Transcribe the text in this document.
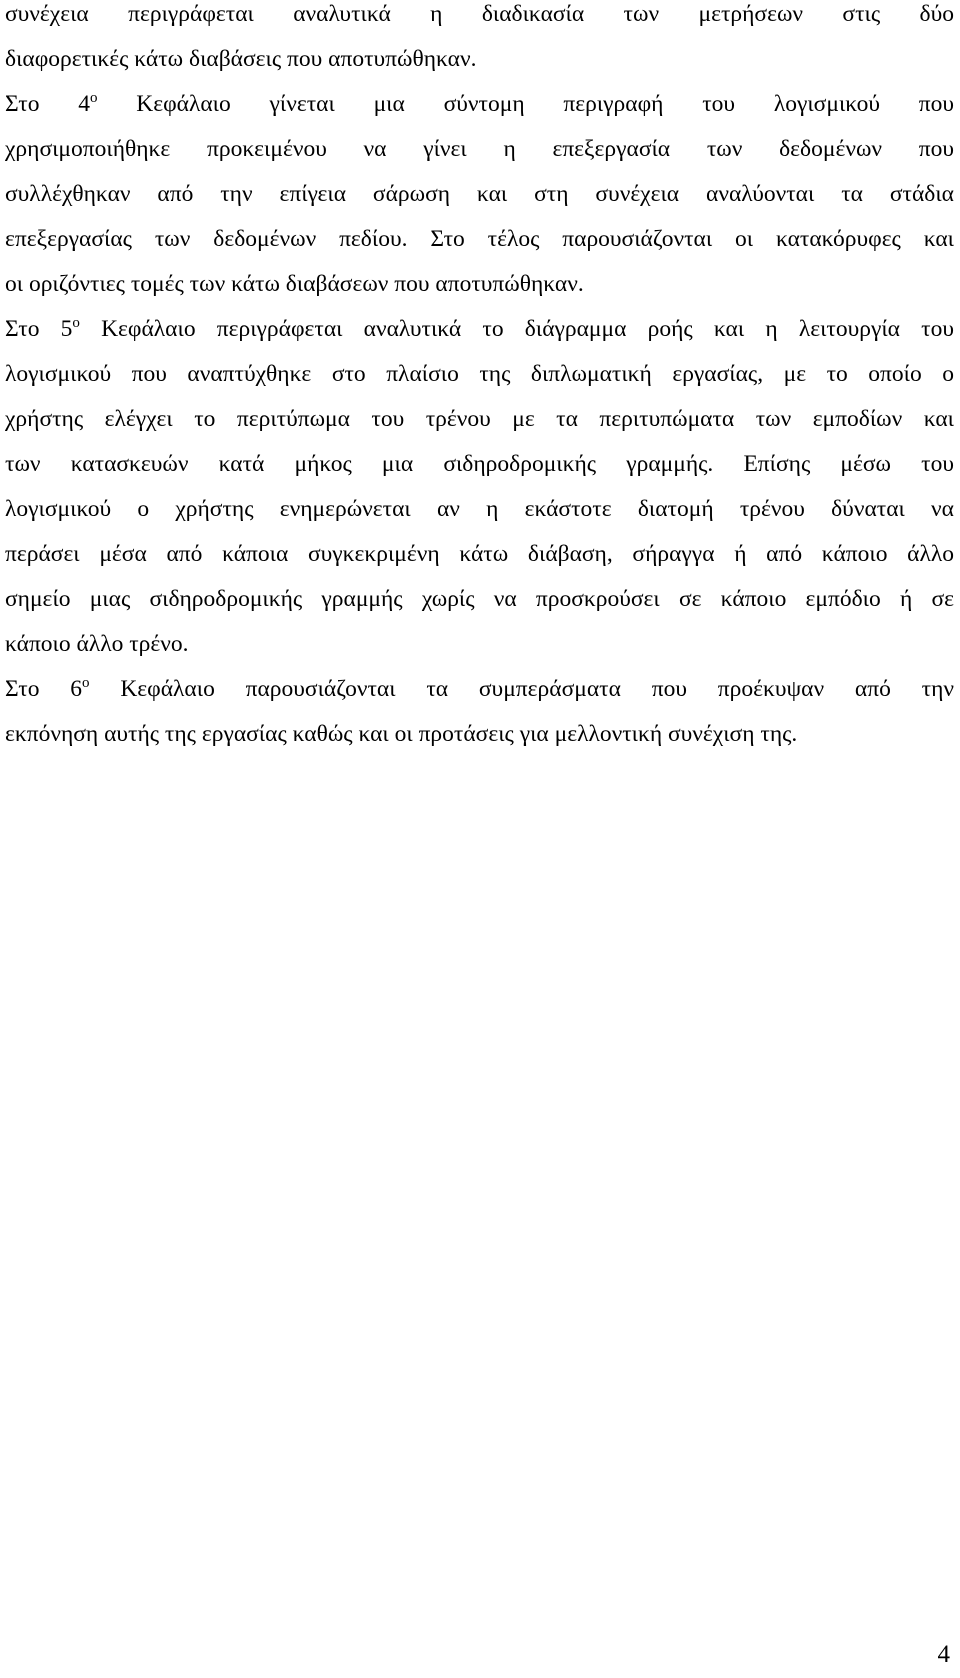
συνέχεια περιγράφεται αναλυτικά η διαδικασία των μετρήσεων στις δύο
διαφορετικές κάτω διαβάσεις που αποτυπώθηκαν.
Στο $4^o$ Κεφάλαιο γίνεται μια σύντομη περιγραφή του λογισμικού που
χρησιμοποιήθηκε προκειμένου να γίνει η επεξεργασία των δεδομένων που
συλλέχθηκαν από την επίγεια σάρωση και στη συνέχεια αναλύονται τα στάδια
επεξεργασίας των δεδομένων πεδίου. Στο τέλος παρουσιάζονται οι κατακόρυφες και
οι οριζόντιες τομές των κάτω διαβάσεων που αποτυπώθηκαν.
Στο $5^o$ Κεφάλαιο περιγράφεται αναλυτικά το διάγραμμα ροής και η λειτουργία του
λογισμικού που αναπτύχθηκε στο πλαίσιο της διπλωματική εργασίας, με το οποίο ο
χρήστης ελέγχει το περιτύπωμα του τρένου με τα περιτυπώματα των εμποδίων και
των κατασκευών κατά μήκος μια σιδηροδρομικής γραμμής. Επίσης μέσω του
λογισμικού ο χρήστης ενημερώνεται αν η εκάστοτε διατομή τρένου δύναται να
περάσει μέσα από κάποια συγκεκριμένη κάτω διάβαση, σήραγγα ή από κάποιο άλλο
σημείο μιας σιδηροδρομικής γραμμής χωρίς να προσκρούσει σε κάποιο εμπόδιο ή σε
κάποιο άλλο τρένο.
Στο $6^o$ Κεφάλαιο παρουσιάζονται τα συμπεράσματα που προέκυψαν από την
εκπόνηση αυτής της εργασίας καθώς και οι προτάσεις για μελλοντική συνέχιση της.
4
